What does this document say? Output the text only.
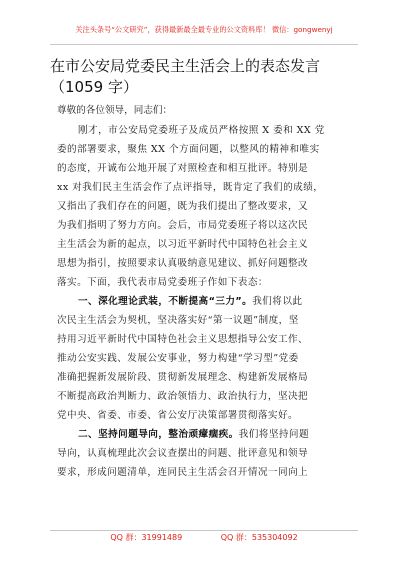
关注头条号“公文研究”，获得最新最全最专业的公文资料库！ 微信：gongwenyj
在市公安局党委民主生活会上的表态发言
（1059 字）
尊敬的各位领导，同志们：
刚才，市公安局党委班子及成员严格按照 X 委和 XX 党
委的部署要求，聚焦 XX 个方面问题，以整风的精神和唯实
的态度，开诚布公地开展了对照检查和相互批评。特别是
xx 对我们民主生活会作了点评指导，既肯定了我们的成绩，
又指出了我们存在的问题，既为我们提出了整改要求，又
为我们指明了努力方向。会后，市局党委班子将以这次民
主生活会为新的起点，以习近平新时代中国特色社会主义
思想为指引，按照要求认真吸纳意见建议、抓好问题整改
落实。下面，我代表市局党委班子作如下表态：
一、深化理论武装，不断提高“三力”。我们将以此
次民主生活会为契机，坚决落实好“第一议题”制度，坚
持用习近平新时代中国特色社会主义思想指导公安工作、
推动公安实践、发展公安事业，努力构建“学习型”党委
准确把握新发展阶段、贯彻新发展理念、构建新发展格局
不断提高政治判断力、政治领悟力、政治执行力，坚决把
党中央、省委、市委、省公安厅决策部署贯彻落实好。
二、坚持问题导向，整治顽瘴痼疾。我们将坚持问题
导向，认真梳理此次会议查摆出的问题、批评意见和领导
要求，形成问题清单，连同民主生活会召开情况一同向上
QQ 群：31991489	QQ 群：535304092
